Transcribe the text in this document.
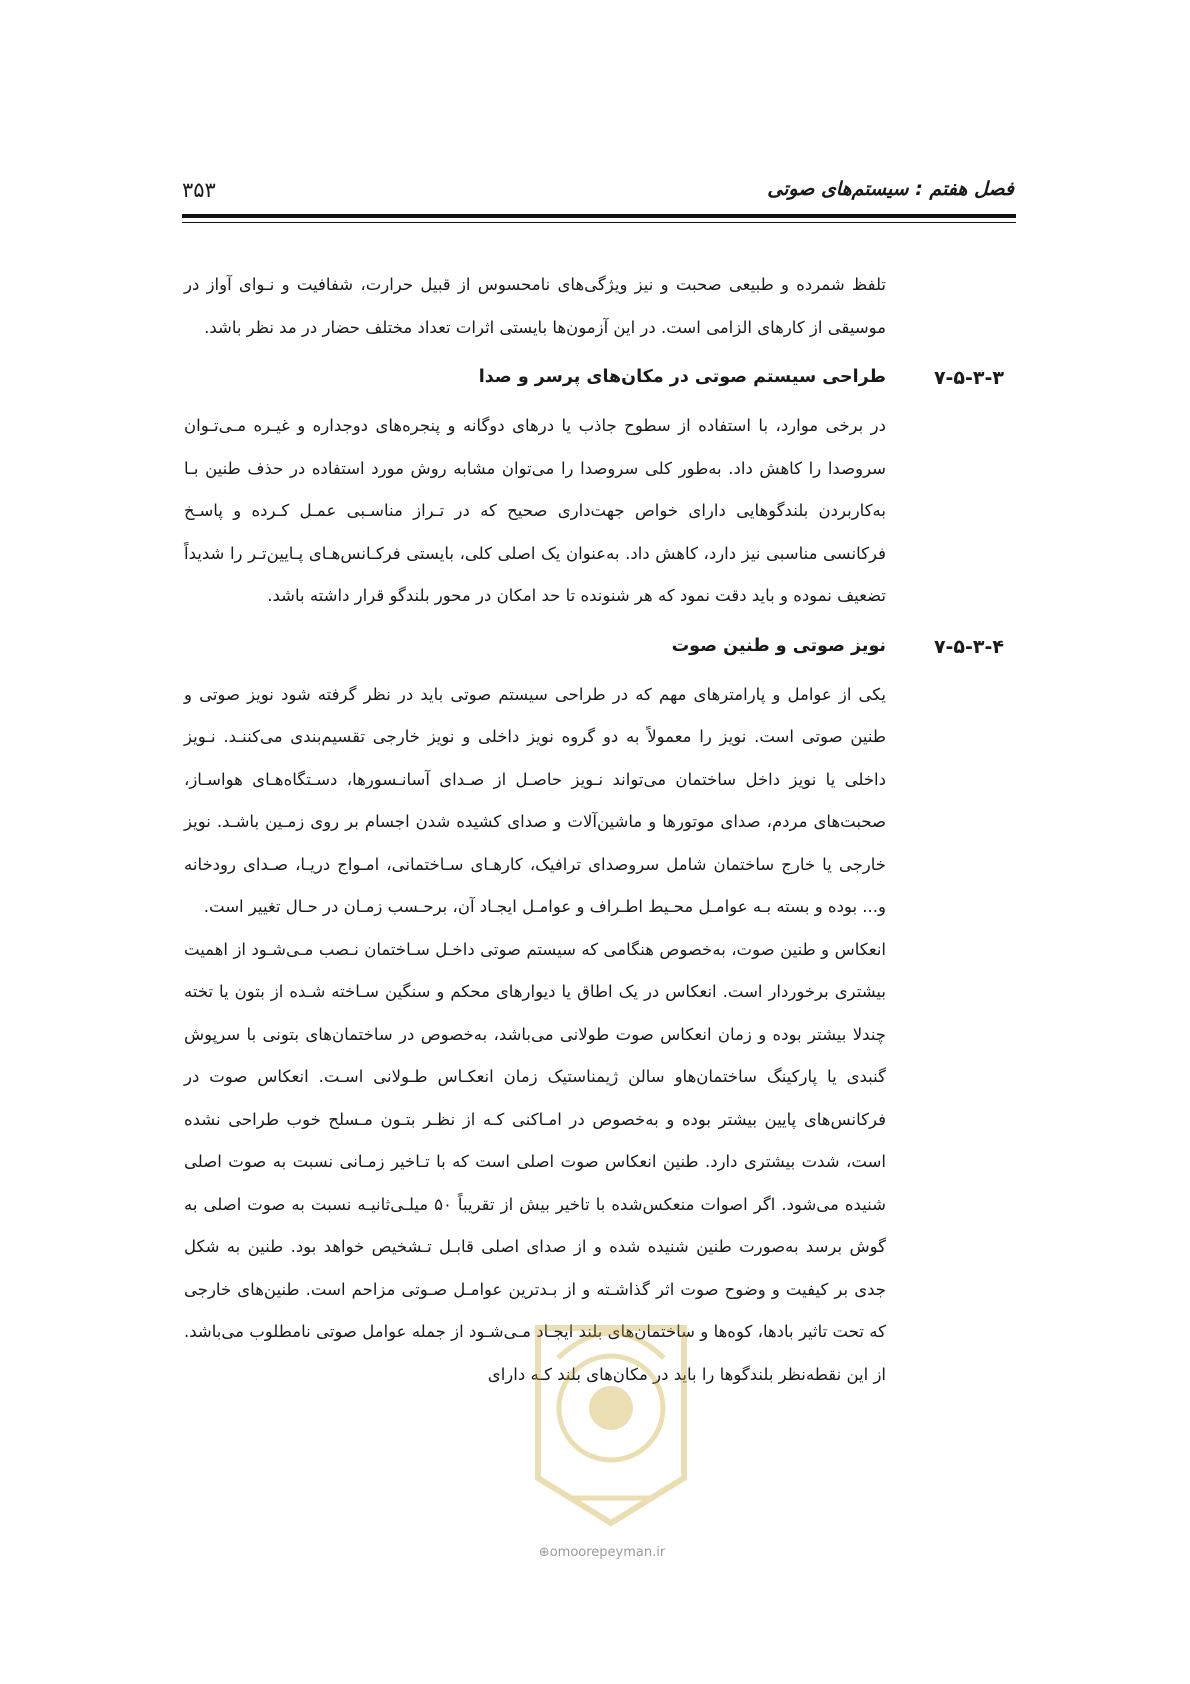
فصل هفتم : سیستم‌های صوتی
۳۵۳

تلفظ شمرده و طبیعی صحبت و نیز ویژگی‌های نامحسوس از قبیل حرارت، شفافیت و نـوای آواز در موسیقی از کارهای الزامی است. در این آزمون‌ها بایستی اثرات تعداد مختلف حضار در مد نظر باشد.

۷-۵-۳-۳
طراحی سیستم صوتی در مکان‌های پرسر و صدا

در برخی موارد، با استفاده از سطوح جاذب یا درهای دوگانه و پنجره‌های دوجداره و غیـره مـی‌تـوان سروصدا را کاهش داد. به‌طور کلی سروصدا را می‌توان مشابه روش مورد استفاده در حذف طنین بـا به‌کاربردن بلندگوهایی دارای خواص جهت‌داری صحیح که در تـراز مناسـبی عمـل کـرده و پاسـخ فرکانسی مناسبی نیز دارد، کاهش داد. به‌عنوان یک اصلی کلی، بایستی فرکـانس‌هـای پـایین‌تـر را شدیداً تضعیف نموده و باید دقت نمود که هر شنونده تا حد امکان در محور بلندگو قرار داشته باشد.

۷-۵-۳-۴
نویز صوتی و طنین صوت

یکی از عوامل و پارامترهای مهم که در طراحی سیستم صوتی باید در نظر گرفته شود نویز صوتی و طنین صوتی است. نویز را معمولاً به دو گروه نویز داخلی و نویز خارجی تقسیم‌بندی می‌کننـد. نـویز داخلی یا نویز داخل ساختمان می‌تواند نـویز حاصـل از صـدای آسانـسورها، دسـتگاه‌هـای هواسـاز، صحبت‌های مردم، صدای موتورها و ماشین‌آلات و صدای کشیده شدن اجسام بر روی زمـین باشـد. نویز خارجی یا خارج ساختمان شامل سروصدای ترافیک، کارهـای سـاختمانی، امـواج دریـا، صـدای رودخانه و... بوده و بسته بـه عوامـل محـیط اطـراف و عوامـل ایجـاد آن، برحـسب زمـان در حـال تغییر است.

انعکاس و طنین صوت، به‌خصوص هنگامی که سیستم صوتی داخـل سـاختمان نـصب مـی‌شـود از اهمیت بیشتری برخوردار است. انعکاس در یک اطاق یا دیوارهای محکم و سنگین سـاخته شـده از بتون یا تخته چندلا بیشتر بوده و زمان انعکاس صوت طولانی می‌باشد، به‌خصوص در ساختمان‌های بتونی با سرپوش گنبدی یا پارکینگ ساختمان‌هاو سالن ژیمناستیک زمان انعکـاس طـولانی اسـت. انعکاس صوت در فرکانس‌های پایین بیشتر بوده و به‌خصوص در امـاکنی کـه از نظـر بتـون مـسلح خوب طراحی نشده است، شدت بیشتری دارد. طنین انعکاس صوت اصلی است که با تـاخیر زمـانی نسبت به صوت اصلی شنیده می‌شود. اگر اصوات منعکس‌شده با تاخیر بیش از تقریباً ۵۰ میلـی‌ثانیـه نسبت به صوت اصلی به گوش برسد به‌صورت طنین شنیده شده و از صدای اصلی قابـل تـشخیص خواهد بود. طنین به شکل جدی بر کیفیت و وضوح صوت اثر گذاشـته و از بـدترین عوامـل صـوتی مزاحم است. طنین‌های خارجی که تحت تاثیر بادها، کوه‌ها و ساختمان‌های بلند ایجـاد مـی‌شـود از جمله عوامل صوتی نامطلوب می‌باشد. از این نقطه‌نظر بلندگوها را باید در مکان‌های بلند کـه دارای

⊕omoorepeyman.ir
